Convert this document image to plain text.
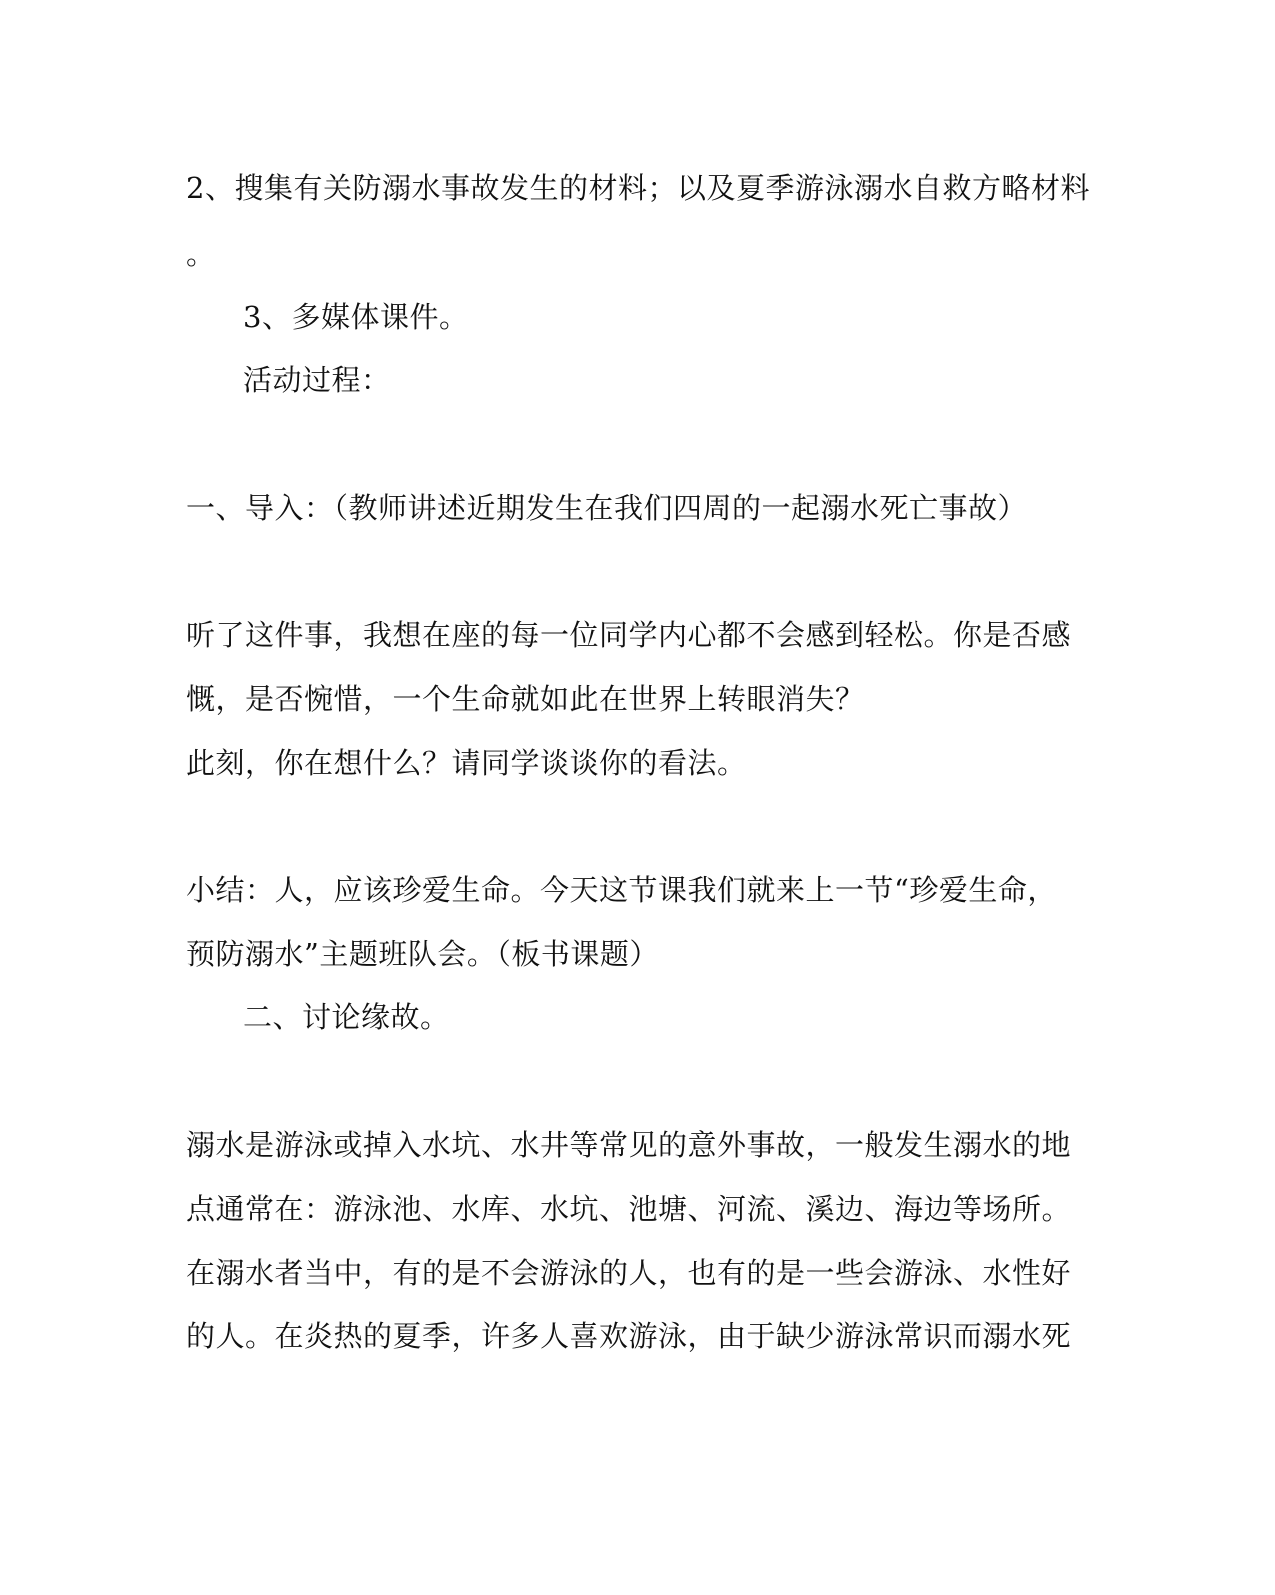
2、搜集有关防溺水事故发生的材料；以及夏季游泳溺水自救方略材料

。

3、多媒体课件。

活动过程：

一、导入：（教师讲述近期发生在我们四周的一起溺水死亡事故）

听了这件事，我想在座的每一位同学内心都不会感到轻松。你是否感

慨，是否惋惜，一个生命就如此在世界上转眼消失？

此刻，你在想什么？请同学谈谈你的看法。

小结：人，应该珍爱生命。今天这节课我们就来上一节“珍爱生命，

预防溺水”主题班队会。（板书课题）

二、讨论缘故。

溺水是游泳或掉入水坑、水井等常见的意外事故，一般发生溺水的地

点通常在：游泳池、水库、水坑、池塘、河流、溪边、海边等场所。

在溺水者当中，有的是不会游泳的人，也有的是一些会游泳、水性好

的人。在炎热的夏季，许多人喜欢游泳，由于缺少游泳常识而溺水死
